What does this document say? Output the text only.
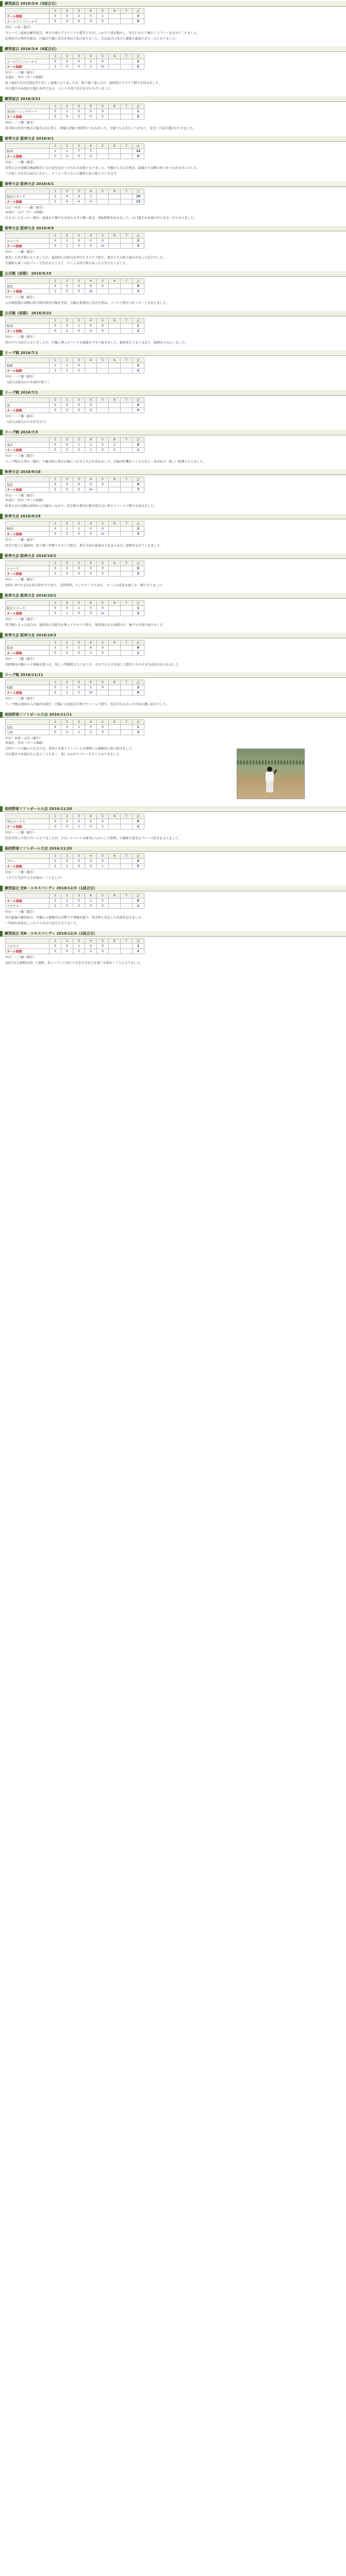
練習試合 2016/3/4（5試合目）
	1	2	3	4	5	6	7	計
オール姫路	0	0	2	0	1			3
ゴールデンフォールズ	0	0	0	0	0			0
申田・小倉（捕手）

今シーズン最初の練習試合。寒さの残るグラウンドで選手たちはしっかりと体を動かし、攻守にわたり集中したプレーを見せてくれました。

先発投手が要所を締め、打線は中盤に得点を重ねて逃げ切りました。次の試合に向けて課題も確認できた一日となりました。

練習試合 2016/3/4（6試合目）
	1	2	3	4	5	6	7	計
ゴールデンフォールズ	0	0	0	2	0			2
オール姫路	1	0	0	2	2x			5
申川・一ノ瀬（捕手）
本塁打：申川（オール姫路）

続く6試合目は先制を許す苦しい展開となりましたが、粘り強く追いかけ、最終回にサヨナラ勝ちを収めました。

申川選手の本塁打が流れを呼び込み、ベンチ全員で喜びを分かち合いました。

練習試合 2016/3/21
	1	2	3	4	5	6	7	計
浅羽モーニングサーフ	0	1	0	0	0			1
オール姫路	0	0	0	0	2			2
申田・一ノ瀬（捕手）

投手陣の好投で相手打線を1点に抑え、終盤の逆転で勝利をつかみました。守備でも大きなミスがなく、安定した試合運びができました。

春季大会 阪神大会 2016/4/1
	1	2	3	4	5	6	7	計
阪神	1	1	7	5				14
オール姫路	0	0	0	0				0
申田・一ノ瀬（捕手）

春季大会の初戦は強豪相手に力の差を見せつけられる結果となりました。序盤から失点が続き、最後まで反撃の糸口をつかめませんでした。

この悔しさを次の試合に生かし、チーム一丸となって練習に取り組んでいきます。

春季大会 阪神大会 2016/4/1
	1	2	3	4	5	6	7	計
阪田スターズ	1	4	4	1				10
オール姫路	1	4	4	4				13
山口・申田・一ノ瀬（捕手）
本塁打：山口（オール姫路）

打ち合いとなった一戦は、最後まで集中力を切らさずに戦い抜き、逆転勝利を収めました。山口選手の本塁打が大きな一打となりました。

春季大会 阪神大会 2016/4/9
	1	2	3	4	5	6	7	計
エコーズ	0	2	0	0	0			2
オール姫路	0	2	0	0	1x			3
申田・一ノ瀬（捕手）

緊迫した投手戦となりましたが、最終回に決勝点を挙げてサヨナラ勝ち。選手たちの粘り強さが光った試合でした。

守備陣も再三の好プレーで投手をもり立て、チーム全体で勝ち取った白星となりました。

公式戦（前期） 2016/5/15
	1	2	3	4	5	6	7	計
福島	0	0	0	0	0			0
オール姫路	1	0	0	2x				3
申川・一ノ瀬（捕手）

公式戦前期の初戦は投手陣が相手打線を完封。打線も効果的に得点を重ね、コールド勝ちで好スタートを切りました。

公式戦（前期） 2016/5/22
	1	2	3	4	5	6	7	計
阪神	0	0	1	0	0			1
オール姫路	0	2	0	0	0			2
申田・一ノ瀬（捕手）

雨の中での試合となりましたが、序盤に奪ったリードを最後まで守り抜きました。継投策もうまくはまり、接戦をものにしました。

リーグ戦 2016/7/1
	1	2	3	4	5	6	7	計
姫路	1	1	0					2
オール姫路	1	2	0					3
申田・一ノ瀬（捕手）

（試合は雨天のため3回で終了）

リーグ戦 2016/7/1
	1	2	3	4	5	6	7	計
滝	0	0	0	0				0
オール姫路	0	0	0	0				0
申田・一ノ瀬（捕手）

（試合は雨天のため引き分け）

リーグ戦 2016/7/3
	1	2	3	4	5	6	7	計
東洋	0	0	1	1	2	2		6
オール姫路	0	0	0	1	0	0		1
申田・一ノ瀬（捕手）

リーグ戦の大事な一戦は、中盤以降に相手打線につかまり失点を重ねました。打線は好機をつくるもあと一本が出ず、悔しい敗戦となりました。

秋季大会 2016/9/18
	1	2	3	4	5	6	7	計
福島	0	0	0	0	0			0
オール姫路	2	0	0	5x				7
申田・一ノ瀬（捕手）
本塁打：申田（オール姫路）

秋季大会の初戦は初回から打線がつながり、投手陣も相手打線を無失点に抑えてコールド勝ちを収めました。

秋季大会 2016/9/18
	1	2	3	4	5	6	7	計
BUX	0	1	1	0	0			2
オール姫路	0	2	0	0	1x			3
申川・一ノ瀬（捕手）

同点で迎えた最終回、粘り強い攻撃でサヨナラ勝ち。選手全員が最後まであきらめない姿勢を見せてくれました。

秋季大会 阪神大会 2016/10/1
	1	2	3	4	5	6	7	計
エコーズ	0	0	0	0	0			0
オール姫路	2	0	0	0	0			2
申田・一ノ瀬（捕手）

初回に挙げた2点を投手陣が守り切り、完封勝利。ベンチワークも冴え、チームの成長を感じる一戦となりました。

秋季大会 阪神大会 2016/10/1
	1	2	3	4	5	6	7	計
阪田スターズ	0	0	1	0	0			1
オール姫路	0	1	0	0	1x			2
申田・一ノ瀬（捕手）

投手戦となった試合は、最終回に決勝点を奪ってサヨナラ勝ち。緊張感のある展開の中、集中力を保ち続けました。

秋季大会 阪神大会 2016/10/2
	1	2	3	4	5	6	7	計
阪神	3	0	1	4	0			8
オール姫路	0	0	0	1	0			1
申田・一ノ瀬（捕手）

決勝戦は序盤から主導権を握られ、悔しい準優勝となりました。それでも大会を通して選手たちの大きな成長が見られました。

リーグ戦 2016/11/11
	1	2	3	4	5	6	7	計
姫路	0	1	0	1	0			2
オール姫路	2	1	0	3x				6
申田・一ノ瀬（捕手）

リーグ戦は初回から打線が好調で、中盤にも追加点を挙げてコールド勝ち。投打がかみ合った内容の濃い試合でした。

高校野球ソフトボール大会 2016/11/11
	1	2	3	4	5	6	7	計
福島	0	0	1	0	0			1
小倉	0	0	1	2	0			3
申田・本塁・山内（捕手）
本塁打：申田（オール姫路）

合同チームで臨んだ大会では、普段とは違うメンバーとの連携にも積極的に取り組みました。

申田選手の本塁打など見どころも多く、楽しみながらプレーすることができました。

高校野球ソフトボール大会 2016/11/20
	1	2	3	4	5	6	7	計
明石ホークス	0	0	0	0	0			0
オール姫路	0	0	1	0	1			2
申田・一ノ瀬（捕手）

好投手同士の投げ合いとなりましたが、少ないチャンスを確実にものにして勝利。守備陣も堅実なプレーで投手を支えました。

高校野球ソフトボール大会 2016/11/20
	1	2	3	4	5	6	7	計
グロー	0	0	0	0	0			0
オール姫路	2	2	0	0	1			5
申田・一ノ瀬（捕手）

（ダブル完封で大会を締めくくりました）

練習試合 対B・エキスパンディ 2016/12/3（1試合目）
	1	2	3	4	5	6	7	計
オール姫路	2	3	0	1	0			6
ペガサス	1	0	0	0	0			1
申田・一ノ瀬（捕手）

年内最後の練習試合。序盤から積極的な攻撃で主導権を握り、投手陣も安定した投球を見せました。

一年間の成果をしっかりと出せた試合となりました。

練習試合 対B・エキスパンディ 2016/12/3（2試合目）
	1	2	3	4	5	6	7	計
ペガサス	0	0	1	0	0			1
オール姫路	0	0	0	2	0			2
申田・一ノ瀬（捕手）

2試合目も接戦を制して連勝。来シーズンに向けて大きな手応えを感じる締めくくりとなりました。
